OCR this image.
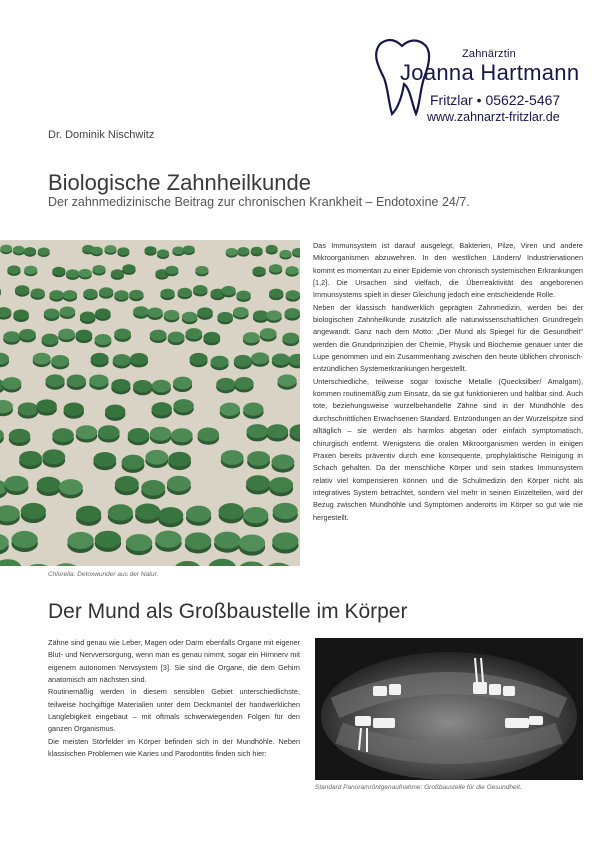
Zahnärztin
Joanna Hartmann
Fritzlar • 05622-5467
www.zahnarzt-fritzlar.de
Dr. Dominik Nischwitz
Biologische Zahnheilkunde
Der zahnmedizinische Beitrag zur chronischen Krankheit – Endotoxine 24/7.
Chlorella: Detoxwunder aus der Natur.

Das Immunsystem ist darauf ausgelegt, Bakterien, Pilze, Viren und andere Mikroorganismen abzuwehren. In den westlichen Ländern/ Industrienationen kommt es momentan zu einer Epidemie von chronisch systemischen Erkrankungen [1,2]. Die Ursachen sind vielfach, die Überreaktivität des angeborenen Immunsystems spielt in dieser Gleichung jedoch eine entscheidende Rolle.

Neben der klassisch handwerklich geprägten Zahnmedizin, werden bei der biologischen Zahnheilkunde zusätzlich alle naturwissenschaftlichen Grundregeln angewandt. Ganz nach dem Motto: „Der Mund als Spiegel für die Gesundheit“ werden die Grundprinzipien der Chemie, Physik und Biochemie genauer unter die Lupe genommen und ein Zusammenhang zwischen den heute üblichen chronisch-entzündlichen Systemerkrankungen hergestellt.

Unterschiedliche, teilweise sogar toxische Metalle (Quecksilber/ Amalgam), kommen routinemäßig zum Einsatz, da sie gut funktionieren und haltbar sind. Auch tote, beziehungsweise wurzelbehandelte Zähne sind in der Mundhöhle des durchschnittlichen Erwachsenen Standard. Entzündungen an der Wurzelspitze sind alltäglich – sie werden als harmlos abgetan oder einfach symptomatisch, chirurgisch entfernt. Wenigstens die oralen Mikroorganismen werden in einigen Praxen bereits präventiv durch eine konsequente, prophylaktische Reinigung in Schach gehalten. Da der menschliche Körper und sein starkes Immunsystem relativ viel kompensieren können und die Schulmedizin den Körper nicht als integratives System betrachtet, sondern viel mehr in seinen Einzelteilen, wird der Bezug zwischen Mundhöhle und Symptomen anderorts im Körper so gut wie nie hergestellt.

Der Mund als Großbaustelle im Körper

Zähne sind genau wie Leber, Magen oder Darm ebenfalls Organe mit eigener Blut- und Nervversorgung, wenn man es genau nimmt, sogar ein Hirnnerv mit eigenem autonomen Nervsystem [3]. Sie sind die Organe, die dem Gehirn anatomisch am nächsten sind.

Routinemäßig werden in diesem sensiblen Gebiet unterschiedlichste, teilweise hochgiftige Materialien unter dem Deckmantel der handwerklichen Langlebigkeit eingebaut – mit oftmals schwerwiegenden Folgen für den ganzen Organismus.

Die meisten Störfelder im Körper befinden sich in der Mundhöhle. Neben klassischen Problemen wie Karies und Parodontitis finden sich hier:

Standard Panoramröntgenaufnahme: Großbaustelle für die Gesundheit.
